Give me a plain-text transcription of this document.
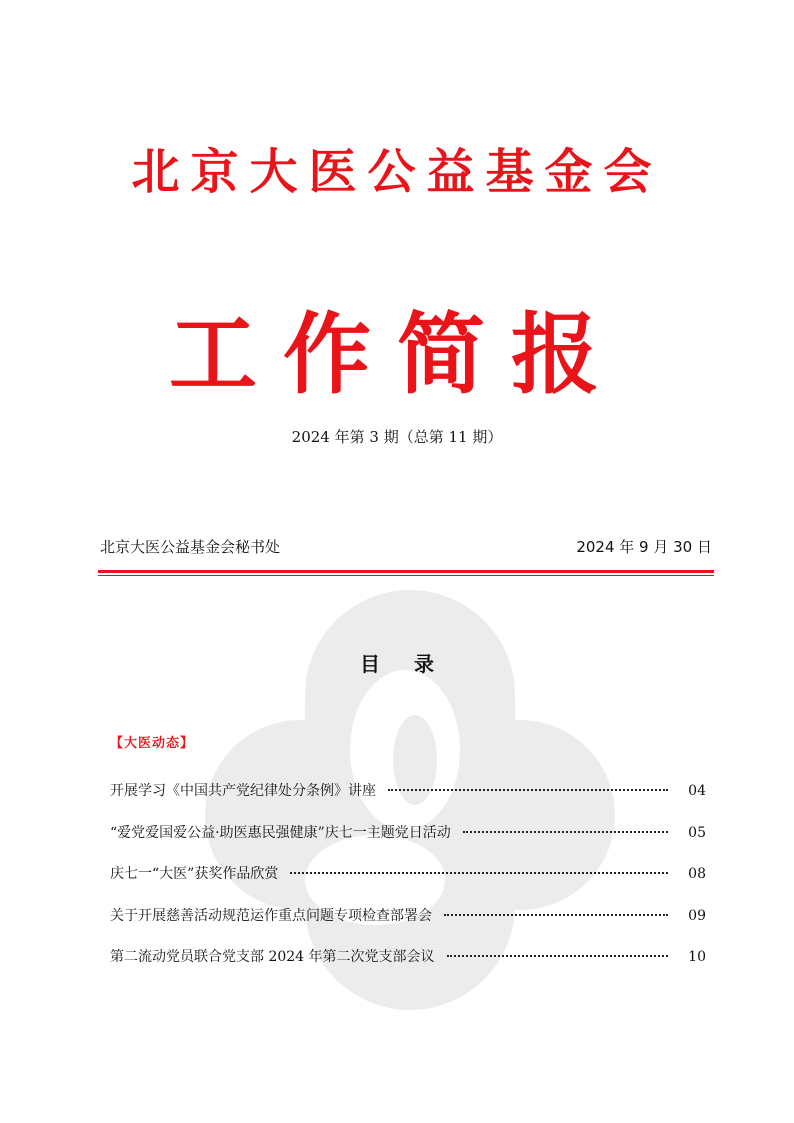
北京大医公益基金会
工作简报
2024 年第 3 期（总第 11 期）
北京大医公益基金会秘书处	2024 年 9 月 30 日
目录
【大医动态】
开展学习《中国共产党纪律处分条例》讲座	04
“爱党爱国爱公益·助医惠民强健康”庆七一主题党日活动	05
庆七一“大医”获奖作品欣赏	08
关于开展慈善活动规范运作重点问题专项检查部署会	09
第二流动党员联合党支部 2024 年第二次党支部会议	10
